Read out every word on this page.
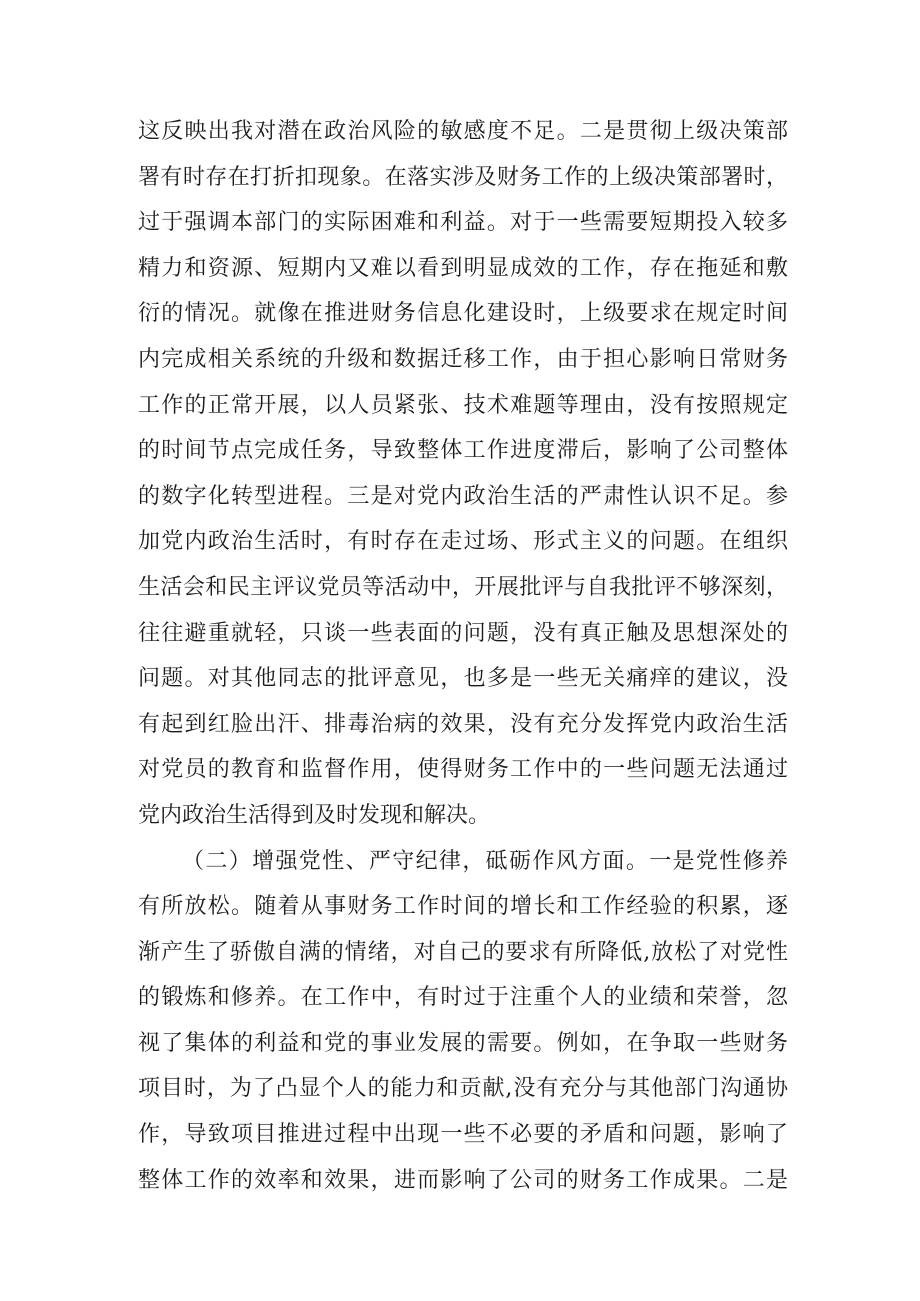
这反映出我对潜在政治风险的敏感度不足。二是贯彻上级决策部
署有时存在打折扣现象。在落实涉及财务工作的上级决策部署时，
过于强调本部门的实际困难和利益。对于一些需要短期投入较多
精力和资源、短期内又难以看到明显成效的工作，存在拖延和敷
衍的情况。就像在推进财务信息化建设时，上级要求在规定时间
内完成相关系统的升级和数据迁移工作，由于担心影响日常财务
工作的正常开展，以人员紧张、技术难题等理由，没有按照规定
的时间节点完成任务，导致整体工作进度滞后，影响了公司整体
的数字化转型进程。三是对党内政治生活的严肃性认识不足。参
加党内政治生活时，有时存在走过场、形式主义的问题。在组织
生活会和民主评议党员等活动中，开展批评与自我批评不够深刻，
往往避重就轻，只谈一些表面的问题，没有真正触及思想深处的
问题。对其他同志的批评意见，也多是一些无关痛痒的建议，没
有起到红脸出汗、排毒治病的效果，没有充分发挥党内政治生活
对党员的教育和监督作用，使得财务工作中的一些问题无法通过
党内政治生活得到及时发现和解决。
（二）增强党性、严守纪律，砥砺作风方面。一是党性修养
有所放松。随着从事财务工作时间的增长和工作经验的积累，逐
渐产生了骄傲自满的情绪，对自己的要求有所降低,放松了对党性
的锻炼和修养。在工作中，有时过于注重个人的业绩和荣誉，忽
视了集体的利益和党的事业发展的需要。例如，在争取一些财务
项目时，为了凸显个人的能力和贡献,没有充分与其他部门沟通协
作，导致项目推进过程中出现一些不必要的矛盾和问题，影响了
整体工作的效率和效果，进而影响了公司的财务工作成果。二是
